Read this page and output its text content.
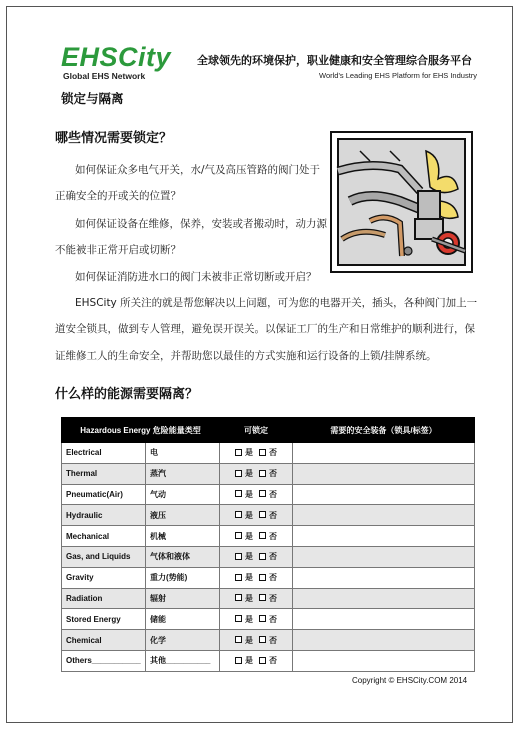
EHSCity
Global EHS Network
全球领先的环境保护，职业健康和安全管理综合服务平台
World's Leading EHS Platform for EHS Industry
锁定与隔离
哪些情况需要锁定？
如何保证众多电气开关，水/气及高压管路的阀门处于
正确安全的开或关的位置？
如何保证设备在维修，保养，安装或者搬动时，动力源
不能被非正常开启或切断？
如何保证消防进水口的阀门未被非正常切断或开启？
EHSCity 所关注的就是帮您解决以上问题，可为您的电器开关，插头，各种阀门加上一
道安全锁具，做到专人管理，避免误开误关。以保证工厂的生产和日常维护的顺利进行，保
证维修工人的生命安全，并帮助您以最佳的方式实施和运行设备的上锁/挂牌系统。
什么样的能源需要隔离？
Hazardous Energy 危险能量类型		可锁定	需要的安全装备（锁具/标签）
Electrical	电	是 否	
Thermal	蒸汽	是 否	
Pneumatic(Air)	气动	是 否	
Hydraulic	液压	是 否	
Mechanical	机械	是 否	
Gas, and Liquids	气体和液体	是 否	
Gravity	重力(势能)	是 否	
Radiation	辐射	是 否	
Stored Energy	储能	是 否	
Chemical	化学	是 否	
Others___________	其他__________	是 否	
Copyright © EHSCity.COM 2014
